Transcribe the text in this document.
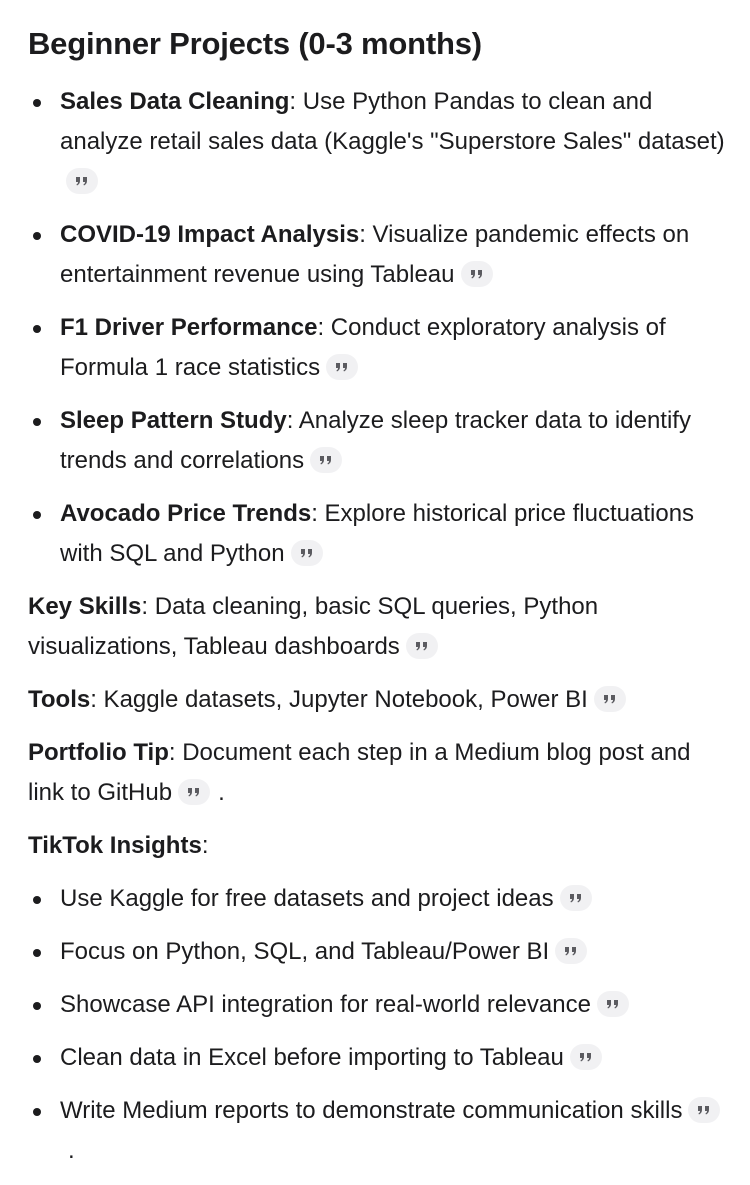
Beginner Projects (0-3 months)
Sales Data Cleaning: Use Python Pandas to clean and analyze retail sales data (Kaggle's "Superstore Sales" dataset)
COVID-19 Impact Analysis: Visualize pandemic effects on entertainment revenue using Tableau
F1 Driver Performance: Conduct exploratory analysis of Formula 1 race statistics
Sleep Pattern Study: Analyze sleep tracker data to identify trends and correlations
Avocado Price Trends: Explore historical price fluctuations with SQL and Python

Key Skills: Data cleaning, basic SQL queries, Python visualizations, Tableau dashboards

Tools: Kaggle datasets, Jupyter Notebook, Power BI

Portfolio Tip: Document each step in a Medium blog post and link to GitHub .

TikTok Insights:

Use Kaggle for free datasets and project ideas
Focus on Python, SQL, and Tableau/Power BI
Showcase API integration for real-world relevance
Clean data in Excel before importing to Tableau
Write Medium reports to demonstrate communication skills
.
